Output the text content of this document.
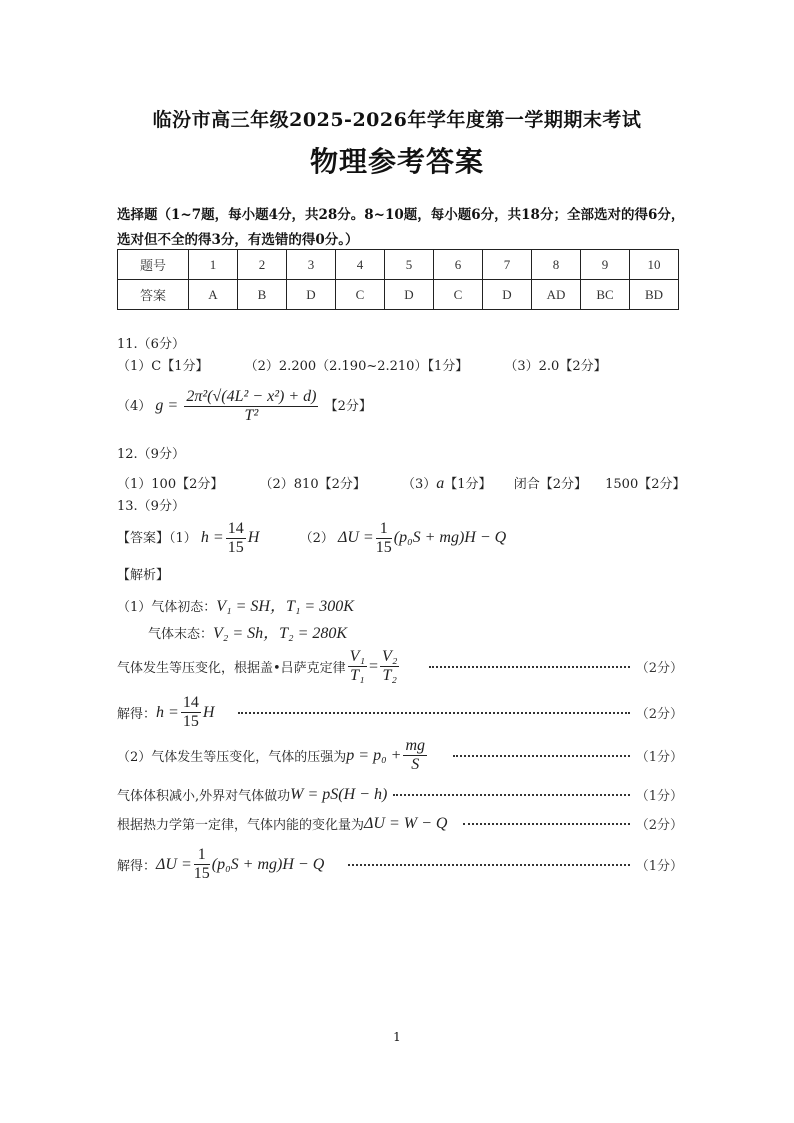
临汾市高三年级2025-2026年学年度第一学期期末考试
物理参考答案
选择题（1~7题，每小题4分，共28分。8~10题，每小题6分，共18分；全部选对的得6分，选对但不全的得3分，有选错的得0分。）
题号	1	2	3	4	5	6	7	8	9	10
答案	A	B	D	C	D	C	D	AD	BC	BD
11.（6分）
（1）C【1分】	（2）2.200（2.190~2.210）【1分】	（3）2.0【2分】
（4） $g = \frac{\text{2π²(√(4L² − x²) + d)}}{\text{T²}}$ 【2分】
12.（9分）
（1）100【2分】	（2）810【2分】	（3）a【1分】 闭合【2分】 1500【2分】
13.（9分）
【答案】（1） $h = \frac{14}{15}$ H	（2） $\Delta U = \frac{1}{15} (p_0S + mg)H - Q$
【解析】
（1）气体初态：V₁ = SH，T₁ = 300K
气体末态：V₂ = Sh，T₂ = 280K
气体发生等压变化，根据盖•吕萨克定律 $\frac{\text{V₁}}{\text{T₁}} = \frac{\text{V₂}}{\text{T₂}}$	（2分）
解得： $h = \frac{14}{15}$ H	（2分）
（2）气体发生等压变化，气体的压强为 $p = p_0 + \frac{mg}{S}$	（1分）
气体体积减小,外界对气体做功 W = pS(H − h)	（1分）
根据热力学第一定律，气体内能的变化量为 ΔU = W − Q	（2分）
解得： $\Delta U = \frac{1}{15} (p_0S + mg)H - Q$	（1分）
1
